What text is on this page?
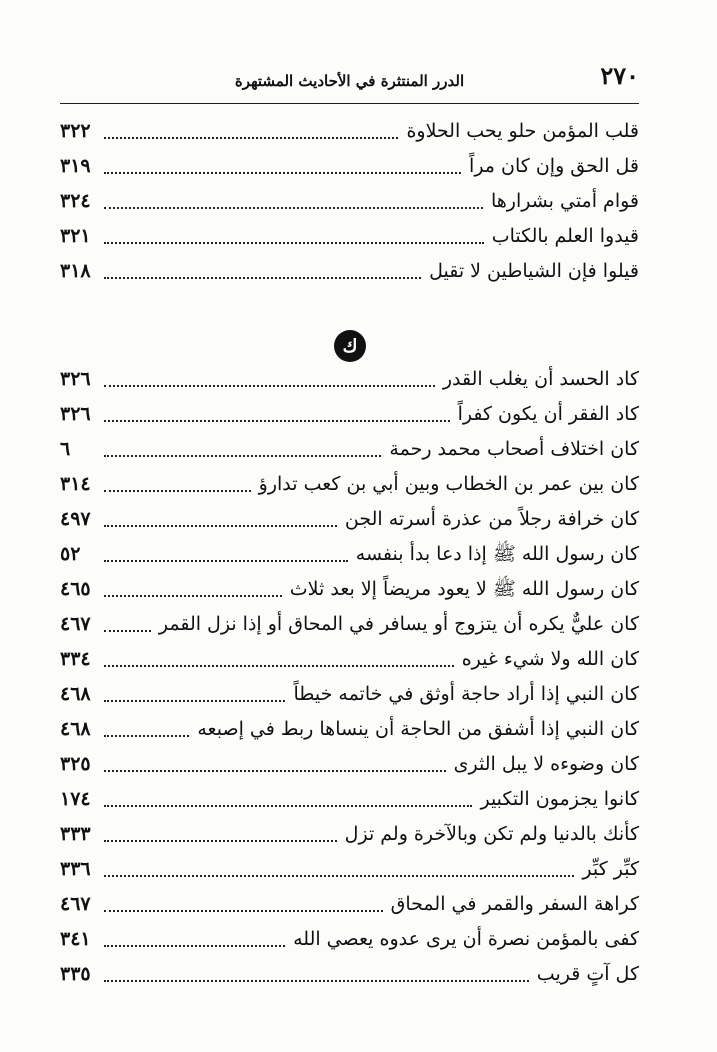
٢٧٠
الدرر المنتثرة في الأحاديث المشتهرة
قلب المؤمن حلو يحب الحلاوة
٣٢٢
قل الحق وإن كان مراً
٣١٩
قوام أمتي بشرارها
٣٢٤
قيدوا العلم بالكتاب
٣٢١
قيلوا فإن الشياطين لا تقيل
٣١٨
ك
كاد الحسد أن يغلب القدر
٣٢٦
كاد الفقر أن يكون كفراً
٣٢٦
كان اختلاف أصحاب محمد رحمة
٦
كان بين عمر بن الخطاب وبين أبي بن كعب تدارؤ
٣١٤
كان خرافة رجلاً من عذرة أسرته الجن
٤٩٧
كان رسول الله ﷺ إذا دعا بدأ بنفسه
٥٢
كان رسول الله ﷺ لا يعود مريضاً إلا بعد ثلاث
٤٦٥
كان عليٌّ يكره أن يتزوج أو يسافر في المحاق أو إذا نزل القمر
٤٦٧
كان الله ولا شيء غيره
٣٣٤
كان النبي إذا أراد حاجة أوثق في خاتمه خيطاً
٤٦٨
كان النبي إذا أشفق من الحاجة أن ينساها ربط في إصبعه
٤٦٨
كان وضوءه لا يبل الثرى
٣٢٥
كانوا يجزمون التكبير
١٧٤
كأنك بالدنيا ولم تكن وبالآخرة ولم تزل
٣٣٣
كبِّر كبِّر
٣٣٦
كراهة السفر والقمر في المحاق
٤٦٧
كفى بالمؤمن نصرة أن يرى عدوه يعصي الله
٣٤١
كل آتٍ قريب
٣٣٥
